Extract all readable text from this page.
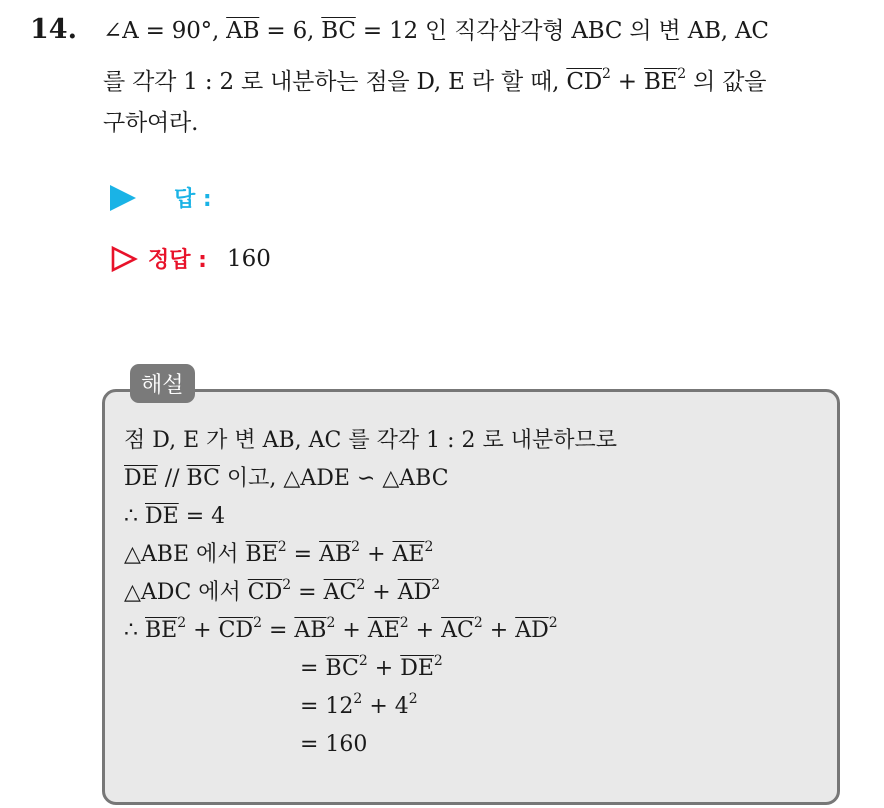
14. ∠A = 90°, $\overline{AB} = 6$, $\overline{BC} = 12$ 인 직각삼각형 ABC 의 변 AB, AC
를 각각 1 : 2 로 내분하는 점을 D, E 라 할 때, $\overline{CD}^2 + \overline{BE}^2$ 의 값을
구하여라.
답 :
정답 : 160
해설
점 D, E 가 변 AB, AC 를 각각 1 : 2 로 내분하므로
$\overline{DE} // \overline{BC}$ 이고, △ADE ∽ △ABC
∴ $\overline{DE} = 4$
△ABE 에서 $\overline{BE}^2 = \overline{AB}^2 + \overline{AE}^2$
△ADC 에서 $\overline{CD}^2 = \overline{AC}^2 + \overline{AD}^2$
∴ $\overline{BE}^2 + \overline{CD}^2 = \overline{AB}^2 + \overline{AE}^2 + \overline{AC}^2 + \overline{AD}^2$
= $\overline{BC}^2 + \overline{DE}^2$
= $12^2 + 4^2$
= 160
